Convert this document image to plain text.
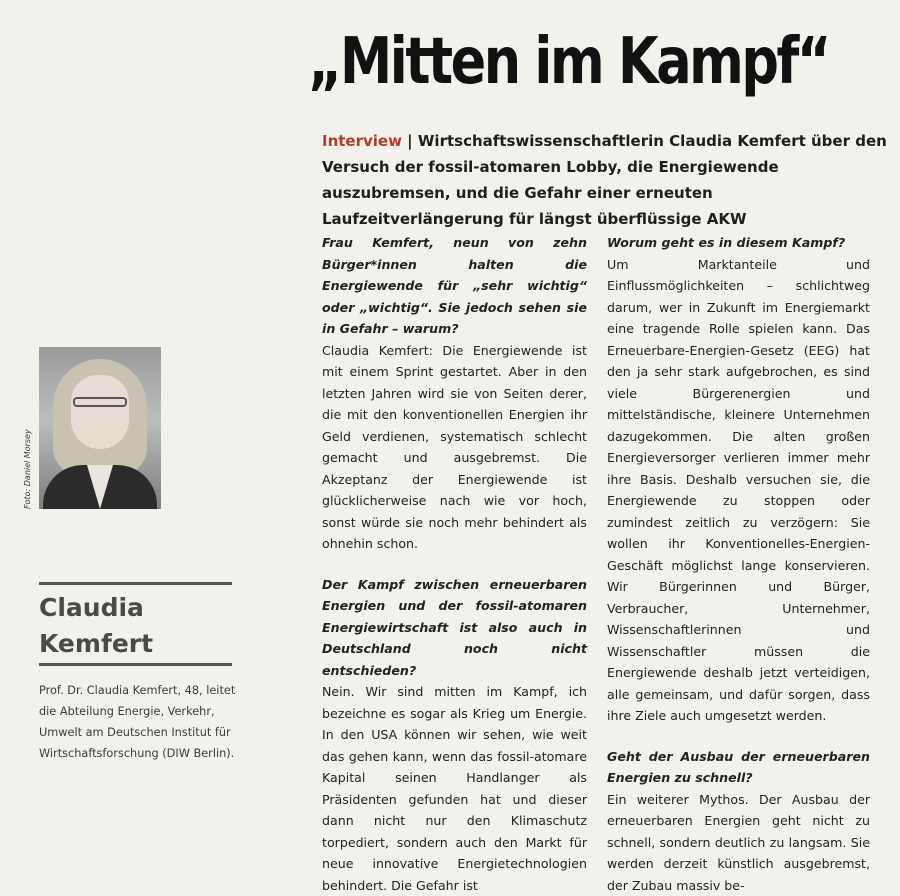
„Mitten im Kampf“
Interview | Wirtschaftswissenschaftlerin Claudia Kemfert über den Versuch der fossil-atomaren Lobby, die Energiewende auszubremsen, und die Gefahr einer erneuten Laufzeitverlängerung für längst überflüssige AKW

Frau Kemfert, neun von zehn Bürger*innen halten die Energiewende für „sehr wichtig“ oder „wichtig“. Sie jedoch sehen sie in Gefahr – warum?

Claudia Kemfert: Die Energiewende ist mit einem Sprint gestartet. Aber in den letzten Jahren wird sie von Seiten derer, die mit den konventionellen Energien ihr Geld verdienen, systematisch schlecht gemacht und ausgebremst. Die Akzeptanz der Energiewende ist glücklicherweise nach wie vor hoch, sonst würde sie noch mehr behindert als ohnehin schon.

Der Kampf zwischen erneuerbaren Energien und der fossil-atomaren Energiewirtschaft ist also auch in Deutschland noch nicht entschieden?

Nein. Wir sind mitten im Kampf, ich bezeichne es sogar als Krieg um Energie. In den USA können wir sehen, wie weit das gehen kann, wenn das fossil-atomare Kapital seinen Handlanger als Präsidenten gefunden hat und dieser dann nicht nur den Klimaschutz torpediert, sondern auch den Markt für neue innovative Energietechnologien behindert. Die Gefahr ist

Worum geht es in diesem Kampf?

Um Marktanteile und Einflussmöglichkeiten – schlichtweg darum, wer in Zukunft im Energiemarkt eine tragende Rolle spielen kann. Das Erneuerbare-Energien-Gesetz (EEG) hat den ja sehr stark aufgebrochen, es sind viele Bürgerenergien und mittelständische, kleinere Unternehmen dazugekommen. Die alten großen Energieversorger verlieren immer mehr ihre Basis. Deshalb versuchen sie, die Energiewende zu stoppen oder zumindest zeitlich zu verzögern: Sie wollen ihr Konventionelles-Energien-Geschäft möglichst lange konservieren. Wir Bürgerinnen und Bürger, Verbraucher, Unternehmer, Wissenschaftlerinnen und Wissenschaftler müssen die Energiewende deshalb jetzt verteidigen, alle gemeinsam, und dafür sorgen, dass ihre Ziele auch umgesetzt werden.

Geht der Ausbau der erneuerbaren Energien zu schnell?

Ein weiterer Mythos. Der Ausbau der erneuerbaren Energien geht nicht zu schnell, sondern deutlich zu langsam. Sie werden derzeit künstlich ausgebremst, der Zubau massiv be-

Foto: Daniel Morsey
Claudia
Kemfert
Prof. Dr. Claudia Kemfert, 48, leitet die Abteilung Energie, Verkehr, Umwelt am Deutschen Institut für Wirtschaftsforschung (DIW Berlin).
